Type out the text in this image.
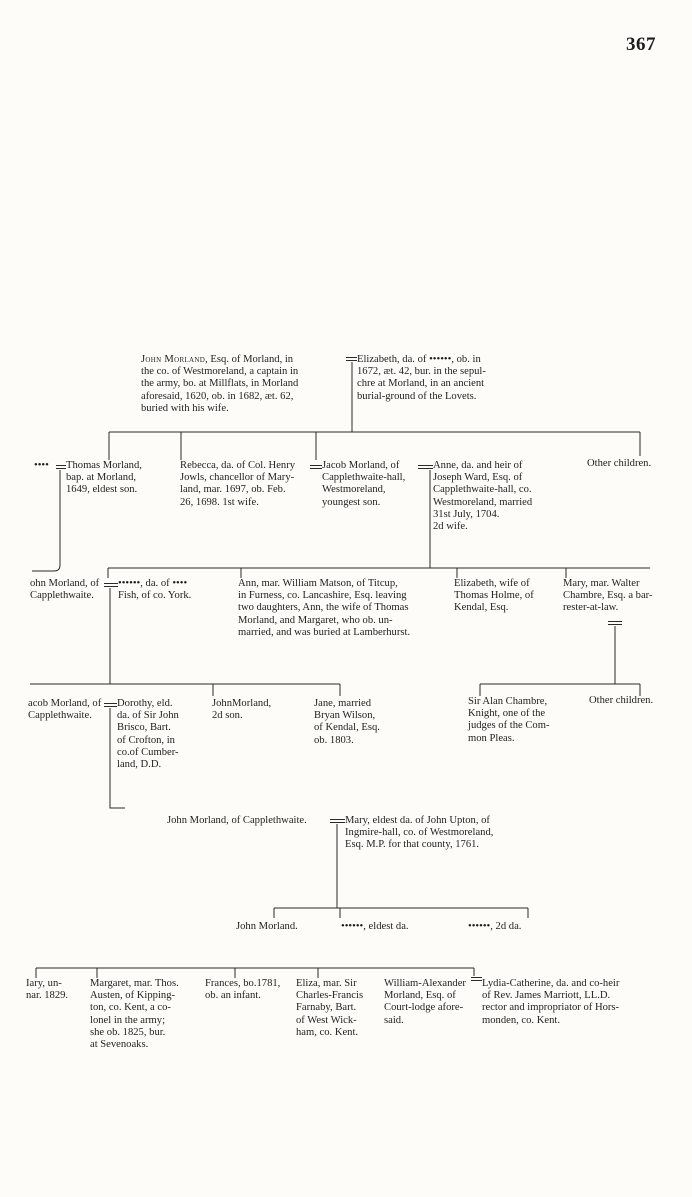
367
John Morland, Esq. of Morland, in
the co. of Westmoreland, a captain in
the army, bo. at Millflats, in Morland
aforesaid, 1620, ob. in 1682, æt. 62,
buried with his wife.
Elizabeth, da. of ••••••, ob. in
1672, æt. 42, bur. in the sepul-
chre at Morland, in an ancient
burial-ground of the Lovets.
••••	Thomas Morland,
bap. at Morland,
1649, eldest son.
Rebecca, da. of Col. Henry
Jowls, chancellor of Mary-
land, mar. 1697, ob. Feb.
26, 1698. 1st wife.
Jacob Morland, of
Capplethwaite-hall,
Westmoreland,
youngest son.
Anne, da. and heir of
Joseph Ward, Esq. of
Capplethwaite-hall, co.
Westmoreland, married
31st July, 1704.
2d wife.
Other children.
ohn Morland, of
Capplethwaite.
••••••, da. of ••••
Fish, of co. York.
Ann, mar. William Matson, of Titcup,
in Furness, co. Lancashire, Esq. leaving
two daughters, Ann, the wife of Thomas
Morland, and Margaret, who ob. un-
married, and was buried at Lamberhurst.
Elizabeth, wife of
Thomas Holme, of
Kendal, Esq.
Mary, mar. Walter
Chambre, Esq. a bar-
rester-at-law.
acob Morland, of
Capplethwaite.
Dorothy, eld.
da. of Sir John
Brisco, Bart.
of Crofton, in
co.of Cumber-
land, D.D.
JohnMorland,
2d son.
Jane, married
Bryan Wilson,
of Kendal, Esq.
ob. 1803.
Sir Alan Chambre,
Knight, one of the
judges of the Com-
mon Pleas.
Other children.
John Morland, of Capplethwaite.	Mary, eldest da. of John Upton, of
Ingmire-hall, co. of Westmoreland,
Esq. M.P. for that county, 1761.
John Morland.	••••••, eldest da.	••••••, 2d da.
Iary, un-
nar. 1829.
Margaret, mar. Thos.
Austen, of Kipping-
ton, co. Kent, a co-
lonel in the army;
she ob. 1825, bur.
at Sevenoaks.
Frances, bo.1781,
ob. an infant.
Eliza, mar. Sir
Charles-Francis
Farnaby, Bart.
of West Wick-
ham, co. Kent.
William-Alexander
Morland, Esq. of
Court-lodge afore-
said.
Lydia-Catherine, da. and co-heir
of Rev. James Marriott, LL.D.
rector and impropriator of Hors-
monden, co. Kent.
